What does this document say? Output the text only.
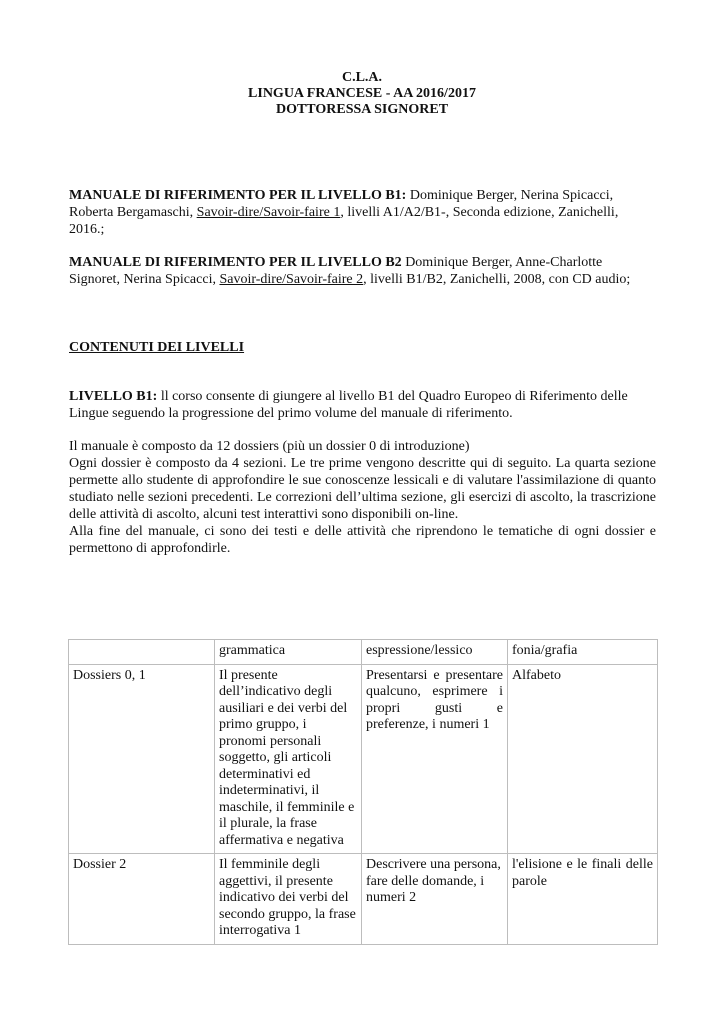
C.L.A.
LINGUA FRANCESE - AA 2016/2017
DOTTORESSA SIGNORET
MANUALE DI RIFERIMENTO PER IL LIVELLO B1: Dominique Berger, Nerina Spicacci,
Roberta Bergamaschi, Savoir-dire/Savoir-faire 1, livelli A1/A2/B1-, Seconda edizione, Zanichelli,
2016.;
MANUALE DI RIFERIMENTO PER IL LIVELLO B2 Dominique Berger, Anne-Charlotte
Signoret, Nerina Spicacci, Savoir-dire/Savoir-faire 2, livelli B1/B2, Zanichelli, 2008, con CD audio;
CONTENUTI DEI LIVELLI
LIVELLO B1: ll corso consente di giungere al livello B1 del Quadro Europeo di Riferimento delle
Lingue seguendo la progressione del primo volume del manuale di riferimento.
Il manuale è composto da 12 dossiers (più un dossier 0 di introduzione)
Ogni dossier è composto da 4 sezioni. Le tre prime vengono descritte qui di seguito. La quarta sezione permette allo studente di approfondire le sue conoscenze lessicali e di valutare l'assimilazione di quanto studiato nelle sezioni precedenti. Le correzioni dell’ultima sezione, gli esercizi di ascolto, la trascrizione delle attività di ascolto, alcuni test interattivi sono disponibili on-line.
Alla fine del manuale, ci sono dei testi e delle attività che riprendono le tematiche di ogni dossier e permettono di approfondirle.
	grammatica	espressione/lessico	fonia/grafia
Dossiers 0, 1	Il presente dell’indicativo degli ausiliari e dei verbi del primo gruppo, i pronomi personali soggetto, gli articoli determinativi ed indeterminativi, il maschile, il femminile e il plurale, la frase affermativa e negativa	Presentarsi e presentare qualcuno, esprimere i propri gusti e preferenze, i numeri 1	Alfabeto
Dossier 2	Il femminile degli aggettivi, il presente indicativo dei verbi del secondo gruppo, la frase interrogativa 1	Descrivere una persona, fare delle domande, i numeri 2	l'elisione e le finali delle parole
